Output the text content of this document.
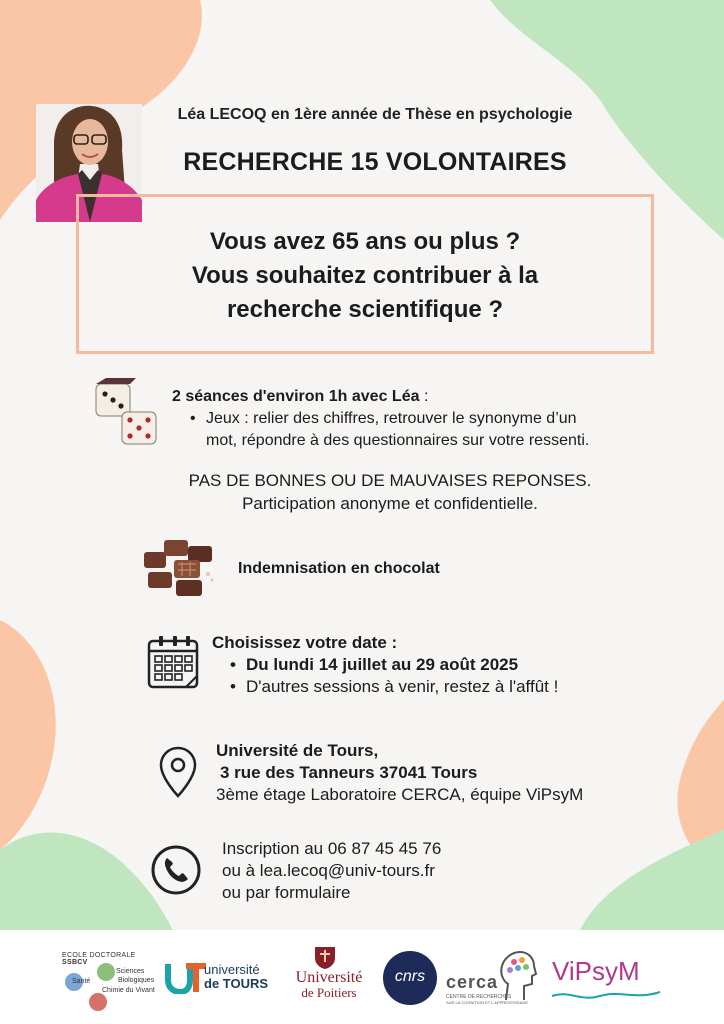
Léa LECOQ en 1ère année de Thèse en psychologie
RECHERCHE 15 VOLONTAIRES
Vous avez 65 ans ou plus ?
Vous souhaitez contribuer à la
recherche scientifique ?
2 séances d'environ 1h avec Léa :
• Jeux : relier des chiffres, retrouver le synonyme d’un
mot, répondre à des questionnaires sur votre ressenti.
PAS DE BONNES OU DE MAUVAISES REPONSES.
Participation anonyme et confidentielle.
Indemnisation en chocolat
Choisissez votre date :
• Du lundi 14 juillet au 29 août 2025
• D'autres sessions à venir, restez à l'affût !
Université de Tours,
3 rue des Tanneurs 37041 Tours
3ème étage Laboratoire CERCA, équipe ViPsyM
Inscription au 06 87 45 45 76
ou à lea.lecoq@univ-tours.fr
ou par formulaire
ECOLE DOCTORALE SSBCV
Santé
Sciences
Biologiques
Chimie du Vivant
université
de TOURS	Université
de Poitiers
cnrs	cerca
CENTRE DE RECHERCHES
SUR LA COGNITION ET L'APPRENTISSAGE
ViPsyM
